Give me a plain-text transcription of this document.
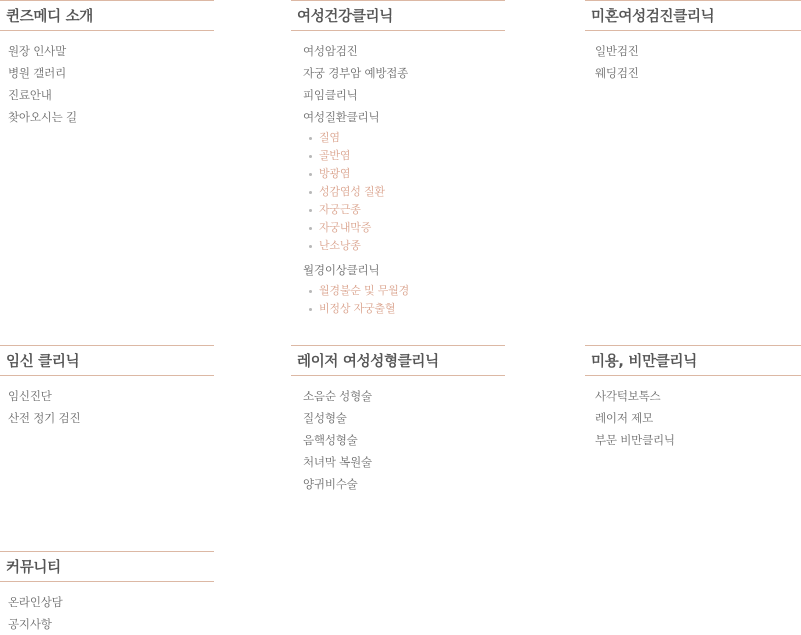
퀸즈메디 소개
원장 인사말
병원 갤러리
진료안내
찾아오시는 길
여성건강클리닉
여성암검진
자궁 경부암 예방접종
피임클리닉
여성질환클리닉
질염
골반염
방광염
성감염성 질환
자궁근종
자궁내막증
난소낭종
월경이상클리닉
월경불순 및 무월경
비정상 자궁출혈
미혼여성검진클리닉
일반검진
웨딩검진
임신 클리닉
임신진단
산전 정기 검진
레이저 여성성형클리닉
소음순 성형술
질성형술
음핵성형술
처녀막 복원술
양귀비수술
미용, 비만클리닉
사각턱보톡스
레이저 제모
부문 비만클리닉
커뮤니티
온라인상담
공지사항
